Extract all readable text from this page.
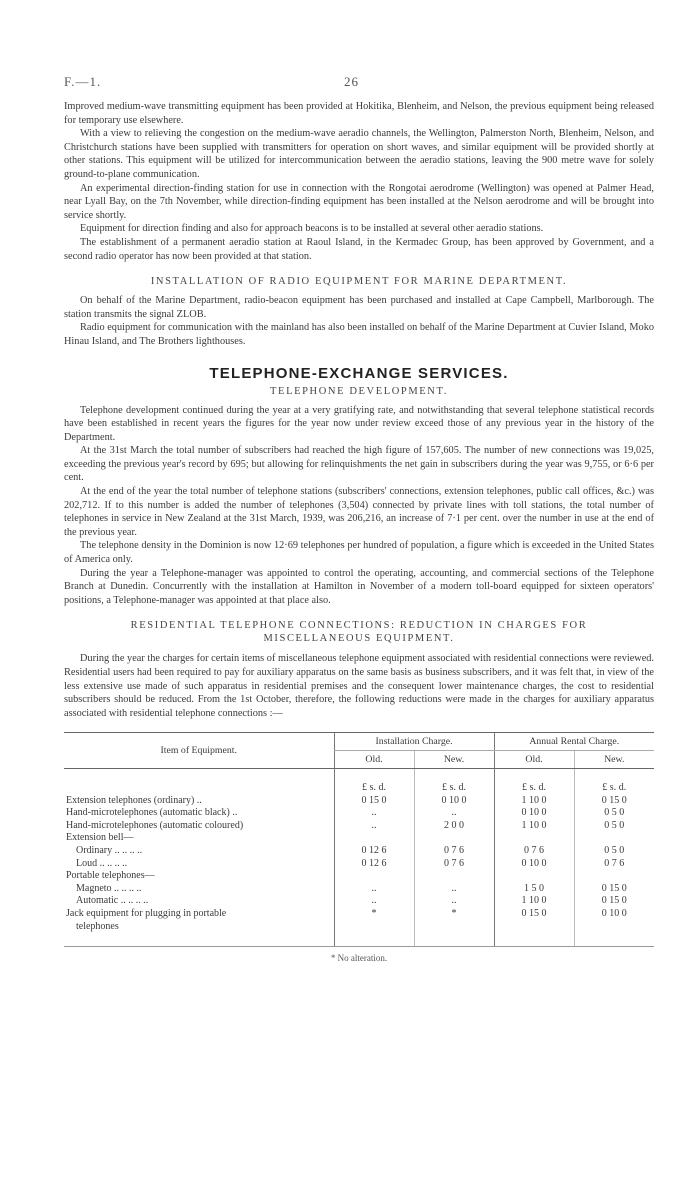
F.—1.	26

Improved medium-wave transmitting equipment has been provided at Hokitika, Blenheim, and Nelson, the previous equipment being released for temporary use elsewhere.

With a view to relieving the congestion on the medium-wave aeradio channels, the Wellington, Palmerston North, Blenheim, Nelson, and Christchurch stations have been supplied with transmitters for operation on short waves, and similar equipment will be provided shortly at other stations. This equipment will be utilized for intercommunication between the aeradio stations, leaving the 900 metre wave for solely ground-to-plane communication.

An experimental direction-finding station for use in connection with the Rongotai aerodrome (Wellington) was opened at Palmer Head, near Lyall Bay, on the 7th November, while direction-finding equipment has been installed at the Nelson aerodrome and will be brought into service shortly.

Equipment for direction finding and also for approach beacons is to be installed at several other aeradio stations.

The establishment of a permanent aeradio station at Raoul Island, in the Kermadec Group, has been approved by Government, and a second radio operator has now been provided at that station.

INSTALLATION OF RADIO EQUIPMENT FOR MARINE DEPARTMENT.

On behalf of the Marine Department, radio-beacon equipment has been purchased and installed at Cape Campbell, Marlborough. The station transmits the signal ZLOB.

Radio equipment for communication with the mainland has also been installed on behalf of the Marine Department at Cuvier Island, Moko Hinau Island, and The Brothers lighthouses.

TELEPHONE-EXCHANGE SERVICES.
TELEPHONE DEVELOPMENT.

Telephone development continued during the year at a very gratifying rate, and notwithstanding that several telephone statistical records have been established in recent years the figures for the year now under review exceed those of any previous year in the history of the Department.

At the 31st March the total number of subscribers had reached the high figure of 157,605. The number of new connections was 19,025, exceeding the previous year's record by 695; but allowing for relinquishments the net gain in subscribers during the year was 9,755, or 6·6 per cent.

At the end of the year the total number of telephone stations (subscribers' connections, extension telephones, public call offices, &c.) was 202,712. If to this number is added the number of telephones (3,504) connected by private lines with toll stations, the total number of telephones in service in New Zealand at the 31st March, 1939, was 206,216, an increase of 7·1 per cent. over the number in use at the end of the previous year.

The telephone density in the Dominion is now 12·69 telephones per hundred of population, a figure which is exceeded in the United States of America only.

During the year a Telephone-manager was appointed to control the operating, accounting, and commercial sections of the Telephone Branch at Dunedin. Concurrently with the installation at Hamilton in November of a modern toll-board equipped for sixteen operators' positions, a Telephone-manager was appointed at that place also.

RESIDENTIAL TELEPHONE CONNECTIONS: REDUCTION IN CHARGES FOR
MISCELLANEOUS EQUIPMENT.

During the year the charges for certain items of miscellaneous telephone equipment associated with residential connections were reviewed. Residential users had been required to pay for auxiliary apparatus on the same basis as business subscribers, and it was felt that, in view of the less extensive use made of such apparatus in residential premises and the consequent lower maintenance charges, the cost to residential subscribers should be reduced. From the 1st October, therefore, the following reductions were made in the charges for auxiliary apparatus associated with residential telephone connections :—

Item of Equipment.	Installation Charge.		Annual Rental Charge.	
	Old.	New.	Old.	New.

	£ s. d.	£ s. d.	£ s. d.	£ s. d.
Extension telephones (ordinary) ..	0 15 0	0 10 0	1 10 0	0 15 0
Hand-microtelephones (automatic black) ..	..	..	0 10 0	0 5 0
Hand-microtelephones (automatic coloured)	..	2 0 0	1 10 0	0 5 0
Extension bell—				
Ordinary .. .. .. ..	0 12 6	0 7 6	0 7 6	0 5 0
Loud .. .. .. ..	0 12 6	0 7 6	0 10 0	0 7 6
Portable telephones—				
Magneto .. .. .. ..	..	..	1 5 0	0 15 0
Automatic .. .. .. ..	..	..	1 10 0	0 15 0
Jack equipment for plugging in portable	*	*	0 15 0	0 10 0
telephones				

* No alteration.
